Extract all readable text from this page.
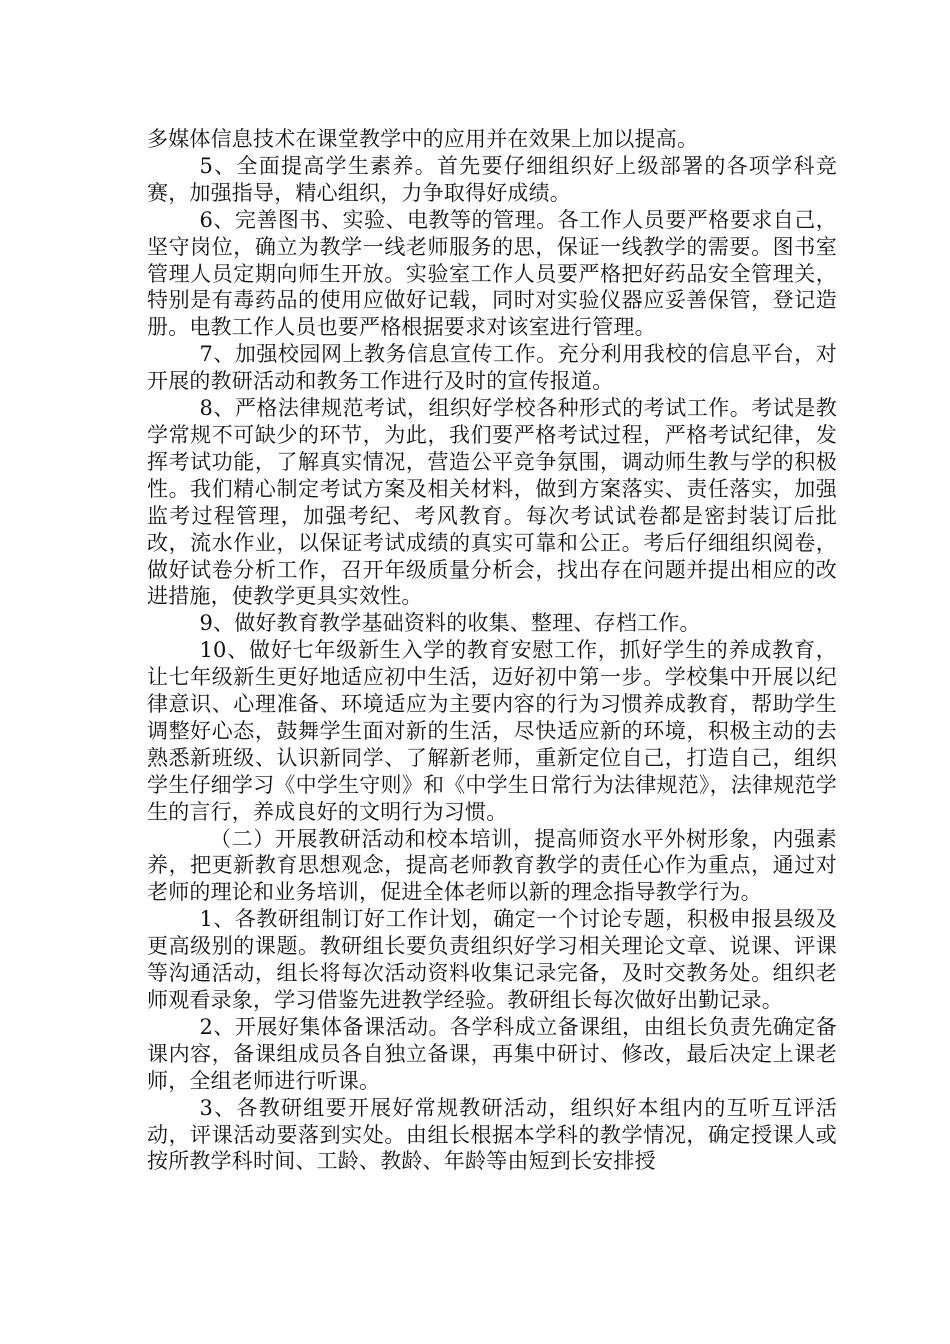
多媒体信息技术在课堂教学中的应用并在效果上加以提高。

5、全面提高学生素养。首先要仔细组织好上级部署的各项学科竞赛，加强指导，精心组织，力争取得好成绩。

6、完善图书、实验、电教等的管理。各工作人员要严格要求自己，坚守岗位，确立为教学一线老师服务的思，保证一线教学的需要。图书室管理人员定期向师生开放。实验室工作人员要严格把好药品安全管理关，特别是有毒药品的使用应做好记载，同时对实验仪器应妥善保管，登记造册。电教工作人员也要严格根据要求对该室进行管理。

7、加强校园网上教务信息宣传工作。充分利用我校的信息平台，对开展的教研活动和教务工作进行及时的宣传报道。

8、严格法律规范考试，组织好学校各种形式的考试工作。考试是教学常规不可缺少的环节，为此，我们要严格考试过程，严格考试纪律，发挥考试功能，了解真实情况，营造公平竞争氛围，调动师生教与学的积极性。我们精心制定考试方案及相关材料，做到方案落实、责任落实，加强监考过程管理，加强考纪、考风教育。每次考试试卷都是密封装订后批改，流水作业，以保证考试成绩的真实可靠和公正。考后仔细组织阅卷，做好试卷分析工作，召开年级质量分析会，找出存在问题并提出相应的改进措施，使教学更具实效性。

9、做好教育教学基础资料的收集、整理、存档工作。

10、做好七年级新生入学的教育安慰工作，抓好学生的养成教育，让七年级新生更好地适应初中生活，迈好初中第一步。学校集中开展以纪律意识、心理准备、环境适应为主要内容的行为习惯养成教育，帮助学生调整好心态，鼓舞学生面对新的生活，尽快适应新的环境，积极主动的去熟悉新班级、认识新同学、了解新老师，重新定位自己，打造自己，组织学生仔细学习《中学生守则》和《中学生日常行为法律规范》，法律规范学生的言行，养成良好的文明行为习惯。

（二）开展教研活动和校本培训，提高师资水平外树形象，内强素养，把更新教育思想观念，提高老师教育教学的责任心作为重点，通过对老师的理论和业务培训，促进全体老师以新的理念指导教学行为。

1、各教研组制订好工作计划，确定一个讨论专题，积极申报县级及更高级别的课题。教研组长要负责组织好学习相关理论文章、说课、评课等沟通活动，组长将每次活动资料收集记录完备，及时交教务处。组织老师观看录象，学习借鉴先进教学经验。教研组长每次做好出勤记录。

2、开展好集体备课活动。各学科成立备课组，由组长负责先确定备课内容，备课组成员各自独立备课，再集中研讨、修改，最后决定上课老师，全组老师进行听课。

3、各教研组要开展好常规教研活动，组织好本组内的互听互评活动，评课活动要落到实处。由组长根据本学科的教学情况，确定授课人或按所教学科时间、工龄、教龄、年龄等由短到长安排授
